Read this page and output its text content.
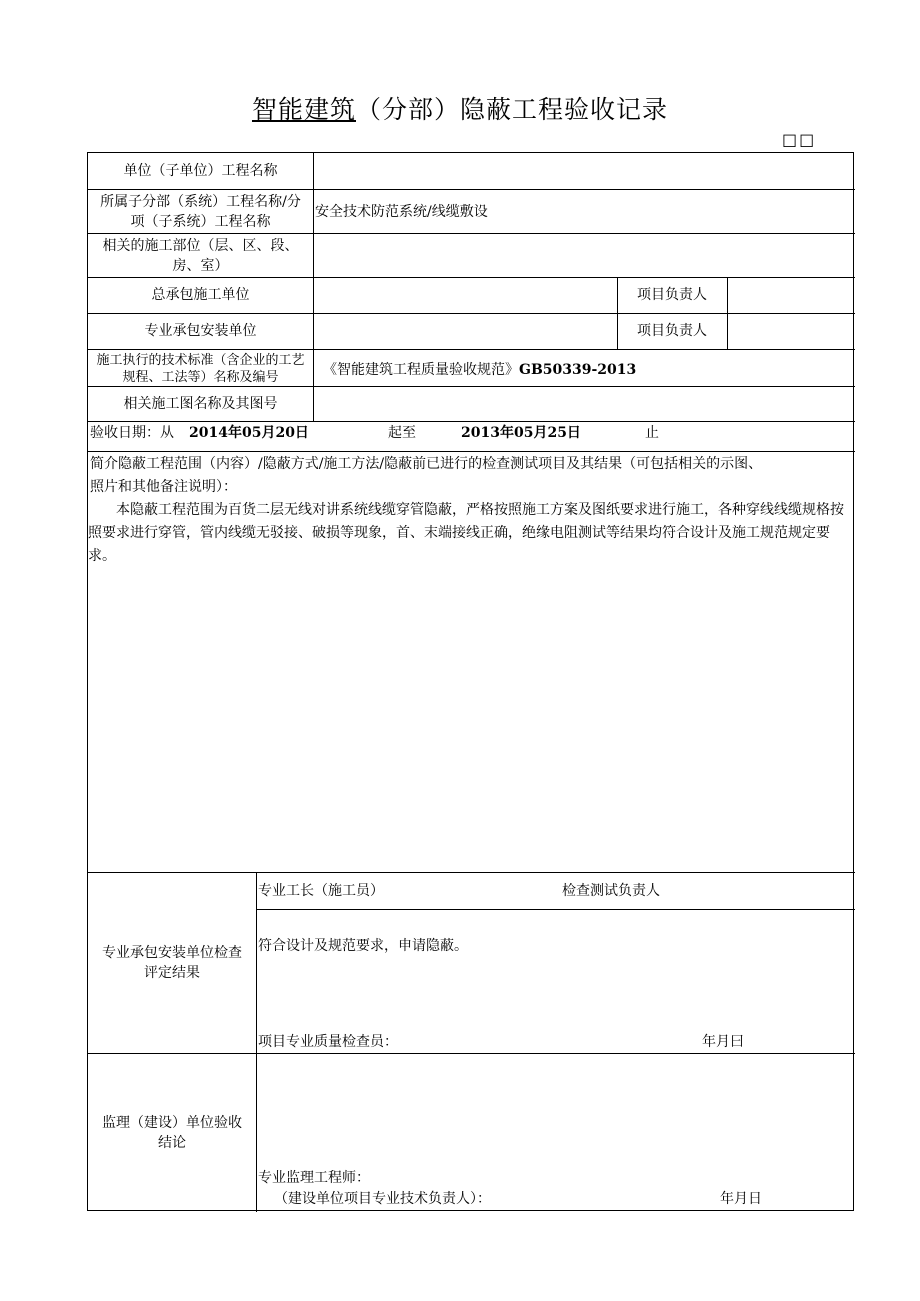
智能建筑（分部）隐蔽工程验收记录
□□
单位（子单位）工程名称
所属子分部（系统）工程名称/分
项（子系统）工程名称
安全技术防范系统/线缆敷设
相关的施工部位（层、区、段、
房、室）
总承包施工单位	项目负责人
专业承包安装单位	项目负责人
施工执行的技术标准（含企业的工艺
规程、工法等）名称及编号	《智能建筑工程质量验收规范》GB50339-2013
相关施工图名称及其图号
验收日期：从 2014年05月20日	起至	2013年05月25日	止
简介隐蔽工程范围（内容）/隐蔽方式/施工方法/隐蔽前已进行的检查测试项目及其结果（可包括相关的示图、
照片和其他备注说明）：
本隐蔽工程范围为百货二层无线对讲系统线缆穿管隐蔽，严格按照施工方案及图纸要求进行施工，各种穿线线缆规格按照要求进行穿管，管内线缆无驳接、破损等现象，首、末端接线正确，绝缘电阻测试等结果均符合设计及施工规范规定要求。
专业承包安装单位检查
评定结果
专业工长（施工员）	检查测试负责人
符合设计及规范要求，申请隐蔽。
项目专业质量检查员：	年月曰
监理（建设）单位验收
结论
专业监理工程师：
（建设单位项目专业技术负责人）：	年月日
